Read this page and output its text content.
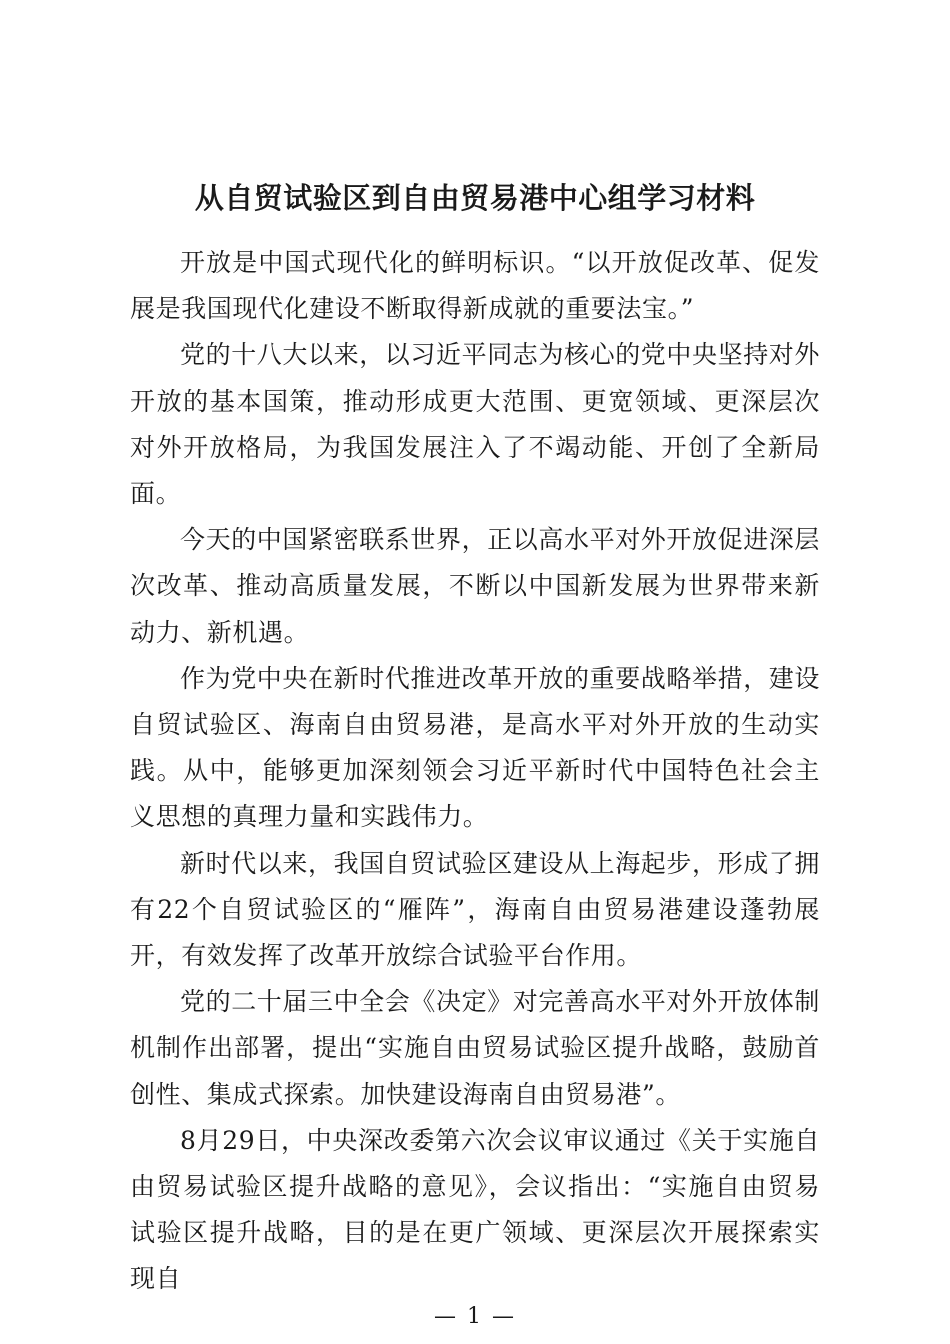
从自贸试验区到自由贸易港中心组学习材料

开放是中国式现代化的鲜明标识。“以开放促改革、促发展是我国现代化建设不断取得新成就的重要法宝。”

党的十八大以来，以习近平同志为核心的党中央坚持对外开放的基本国策，推动形成更大范围、更宽领域、更深层次对外开放格局，为我国发展注入了不竭动能、开创了全新局面。

今天的中国紧密联系世界，正以高水平对外开放促进深层次改革、推动高质量发展，不断以中国新发展为世界带来新动力、新机遇。

作为党中央在新时代推进改革开放的重要战略举措，建设自贸试验区、海南自由贸易港，是高水平对外开放的生动实践。从中，能够更加深刻领会习近平新时代中国特色社会主义思想的真理力量和实践伟力。

新时代以来，我国自贸试验区建设从上海起步，形成了拥有22个自贸试验区的“雁阵”，海南自由贸易港建设蓬勃展开，有效发挥了改革开放综合试验平台作用。

党的二十届三中全会《决定》对完善高水平对外开放体制机制作出部署，提出“实施自由贸易试验区提升战略，鼓励首创性、集成式探索。加快建设海南自由贸易港”。

8月29日，中央深改委第六次会议审议通过《关于实施自由贸易试验区提升战略的意见》，会议指出：“实施自由贸易试验区提升战略，目的是在更广领域、更深层次开展探索实现自

— 1 —
